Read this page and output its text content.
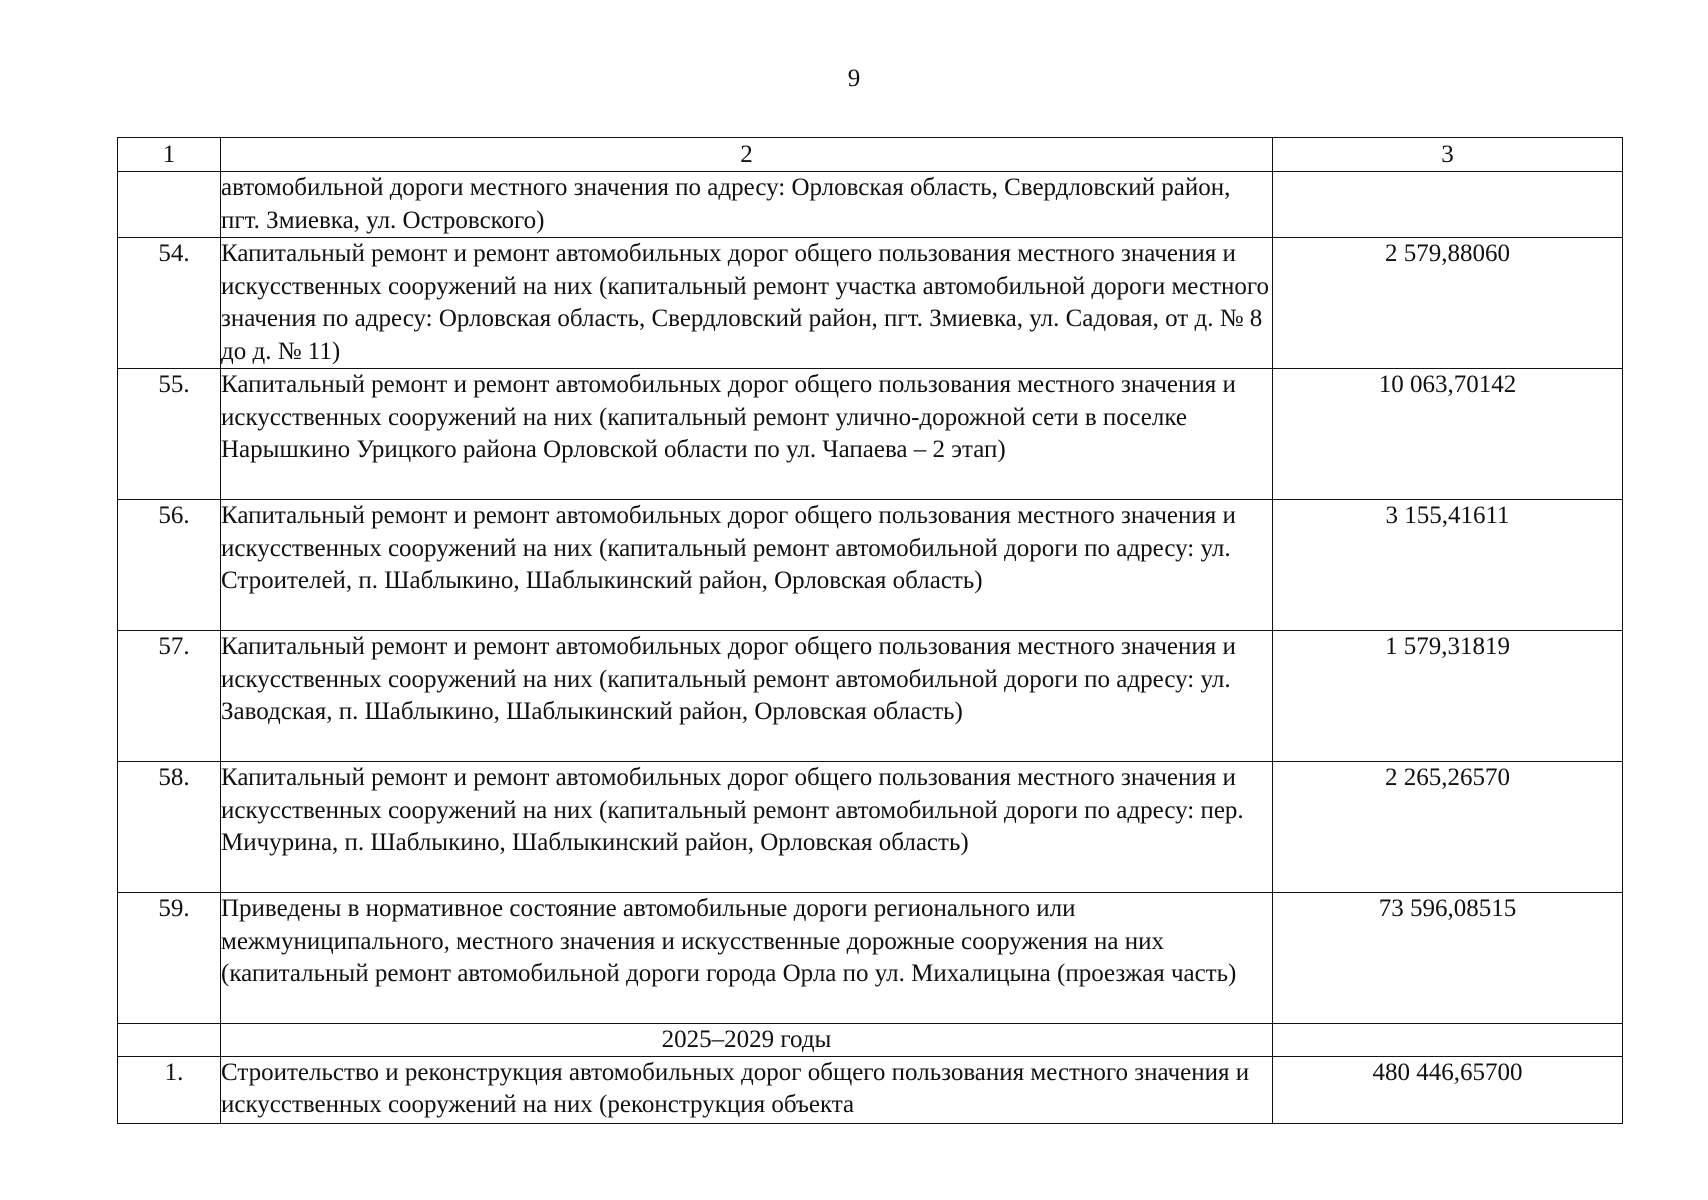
9
1	2	3
	автомобильной дороги местного значения по адресу: Орловская область, Свердловский район, пгт. Змиевка, ул. Островского)	
54.	Капитальный ремонт и ремонт автомобильных дорог общего пользования местного значения и искусственных сооружений на них (капитальный ремонт участка автомобильной дороги местного значения по адресу: Орловская область, Свердловский район, пгт. Змиевка, ул. Садовая, от д. № 8 до д. № 11)	2 579,88060
55.	Капитальный ремонт и ремонт автомобильных дорог общего пользования местного значения и искусственных сооружений на них (капитальный ремонт улично-дорожной сети в поселке Нарышкино Урицкого района Орловской области по ул. Чапаева – 2 этап)	10 063,70142
56.	Капитальный ремонт и ремонт автомобильных дорог общего пользования местного значения и искусственных сооружений на них (капитальный ремонт автомобильной дороги по адресу: ул. Строителей, п. Шаблыкино, Шаблыкинский район, Орловская область)	3 155,41611
57.	Капитальный ремонт и ремонт автомобильных дорог общего пользования местного значения и искусственных сооружений на них (капитальный ремонт автомобильной дороги по адресу: ул. Заводская, п. Шаблыкино, Шаблыкинский район, Орловская область)	1 579,31819
58.	Капитальный ремонт и ремонт автомобильных дорог общего пользования местного значения и искусственных сооружений на них (капитальный ремонт автомобильной дороги по адресу: пер. Мичурина, п. Шаблыкино, Шаблыкинский район, Орловская область)	2 265,26570
59.	Приведены в нормативное состояние автомобильные дороги регионального или межмуниципального, местного значения и искусственные дорожные сооружения на них (капитальный ремонт автомобильной дороги города Орла по ул. Михалицына (проезжая часть)	73 596,08515
	2025–2029 годы	
1.	Строительство и реконструкция автомобильных дорог общего пользования местного значения и искусственных сооружений на них (реконструкция объекта	480 446,65700
